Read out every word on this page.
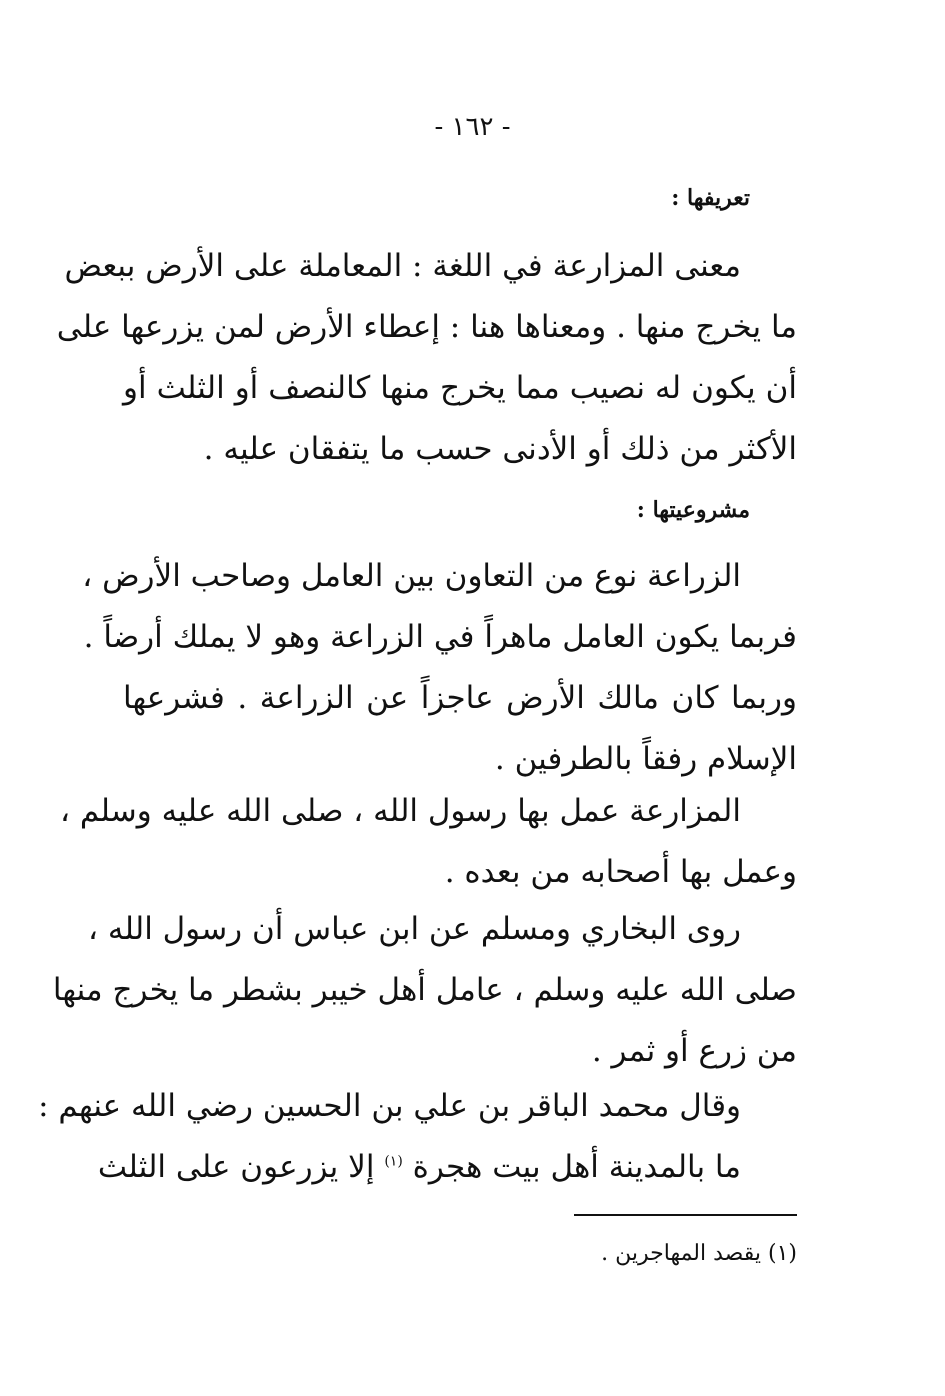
- ١٦٢ -
تعريفها :
معنى المزارعة في اللغة : المعاملة على الأرض ببعض
ما يخرج منها . ومعناها هنا : إعطاء الأرض لمن يزرعها على
أن يكون له نصيب مما يخرج منها كالنصف أو الثلث أو
الأكثر من ذلك أو الأدنى حسب ما يتفقان عليه .
مشروعيتها :
الزراعة نوع من التعاون بين العامل وصاحب الأرض ،
فربما يكون العامل ماهراً في الزراعة وهو لا يملك أرضاً .
وربما كان مالك الأرض عاجزاً عن الزراعة . فشرعها
الإسلام رفقاً بالطرفين .
المزارعة عمل بها رسول الله ، صلى الله عليه وسلم ،
وعمل بها أصحابه من بعده .
روى البخاري ومسلم عن ابن عباس أن رسول الله ،
صلى الله عليه وسلم ، عامل أهل خيبر بشطر ما يخرج منها
من زرع أو ثمر .
وقال محمد الباقر بن علي بن الحسين رضي الله عنهم :
ما بالمدينة أهل بيت هجرة $^{(١)}$ إلا يزرعون على الثلث
(١) يقصد المهاجرين .
